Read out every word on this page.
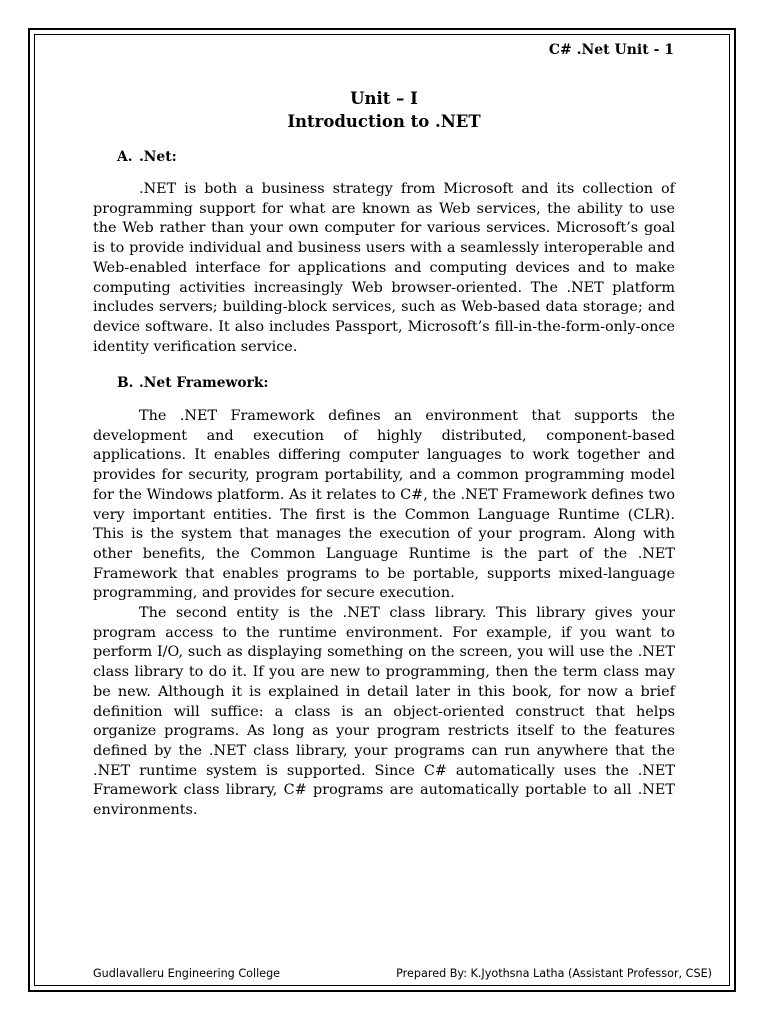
C# .Net Unit - 1
Unit – I
Introduction to .NET
A. .Net:

.NET is both a business strategy from Microsoft and its collection of programming support for what are known as Web services, the ability to use the Web rather than your own computer for various services. Microsoft’s goal is to provide individual and business users with a seamlessly interoperable and Web-enabled interface for applications and computing devices and to make computing activities increasingly Web browser-oriented. The .NET platform includes servers; building-block services, such as Web-based data storage; and device software. It also includes Passport, Microsoft’s fill-in-the-form-only-once identity verification service.

B. .Net Framework:

The .NET Framework defines an environment that supports the development and execution of highly distributed, component-based applications. It enables differing computer languages to work together and provides for security, program portability, and a common programming model for the Windows platform. As it relates to C#, the .NET Framework defines two very important entities. The first is the Common Language Runtime (CLR). This is the system that manages the execution of your program. Along with other benefits, the Common Language Runtime is the part of the .NET Framework that enables programs to be portable, supports mixed-language programming, and provides for secure execution.

The second entity is the .NET class library. This library gives your program access to the runtime environment. For example, if you want to perform I/O, such as displaying something on the screen, you will use the .NET class library to do it. If you are new to programming, then the term class may be new. Although it is explained in detail later in this book, for now a brief definition will suffice: a class is an object-oriented construct that helps organize programs. As long as your program restricts itself to the features defined by the .NET class library, your programs can run anywhere that the .NET runtime system is supported. Since C# automatically uses the .NET Framework class library, C# programs are automatically portable to all .NET environments.

Gudlavalleru Engineering College	Prepared By: K.Jyothsna Latha (Assistant Professor, CSE)
